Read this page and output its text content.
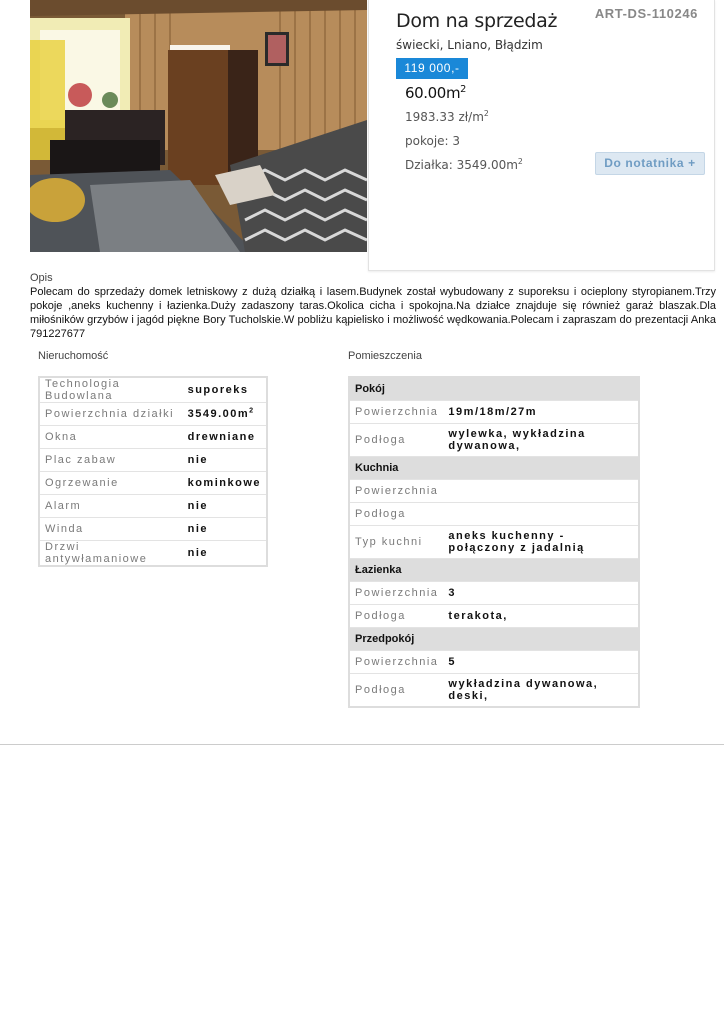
Dom na sprzedaż	ART-DS-110246
świecki, Lniano, Błądzim
119 000,-
$60.00m^2$
1983.33 $zł/m^2$
pokoje: 3
Działka: $3549.00m^2$	Do notatnika +
Opis
Polecam do sprzedaży domek letniskowy z dużą działką i lasem.Budynek został wybudowany z suporeksu i ocieplony styropianem.Trzy pokoje ,aneks kuchenny i łazienka.Duży zadaszony taras.Okolica cicha i spokojna.Na działce znajduje się również garaż blaszak.Dla miłośników grzybów i jagód piękne Bory Tucholskie.W pobliżu kąpielisko i możliwość wędkowania.Polecam i zapraszam do prezentacji Anka 791227677
Nieruchomość
Technologia Budowlana	suporeks
Powierzchnia działki	$3549.00m^2$
Okna	drewniane
Plac zabaw	nie
Ogrzewanie	kominkowe
Alarm	nie
Winda	nie
Drzwi antywłamaniowe	nie
Pomieszczenia
Pokój	
Powierzchnia	19m/18m/27m
Podłoga	wylewka, wykładzina dywanowa,
Kuchnia	
Powierzchnia	
Podłoga	
Typ kuchni	aneks kuchenny - połączony z jadalnią
Łazienka	
Powierzchnia	3
Podłoga	terakota,
Przedpokój	
Powierzchnia	5
Podłoga	wykładzina dywanowa, deski,
